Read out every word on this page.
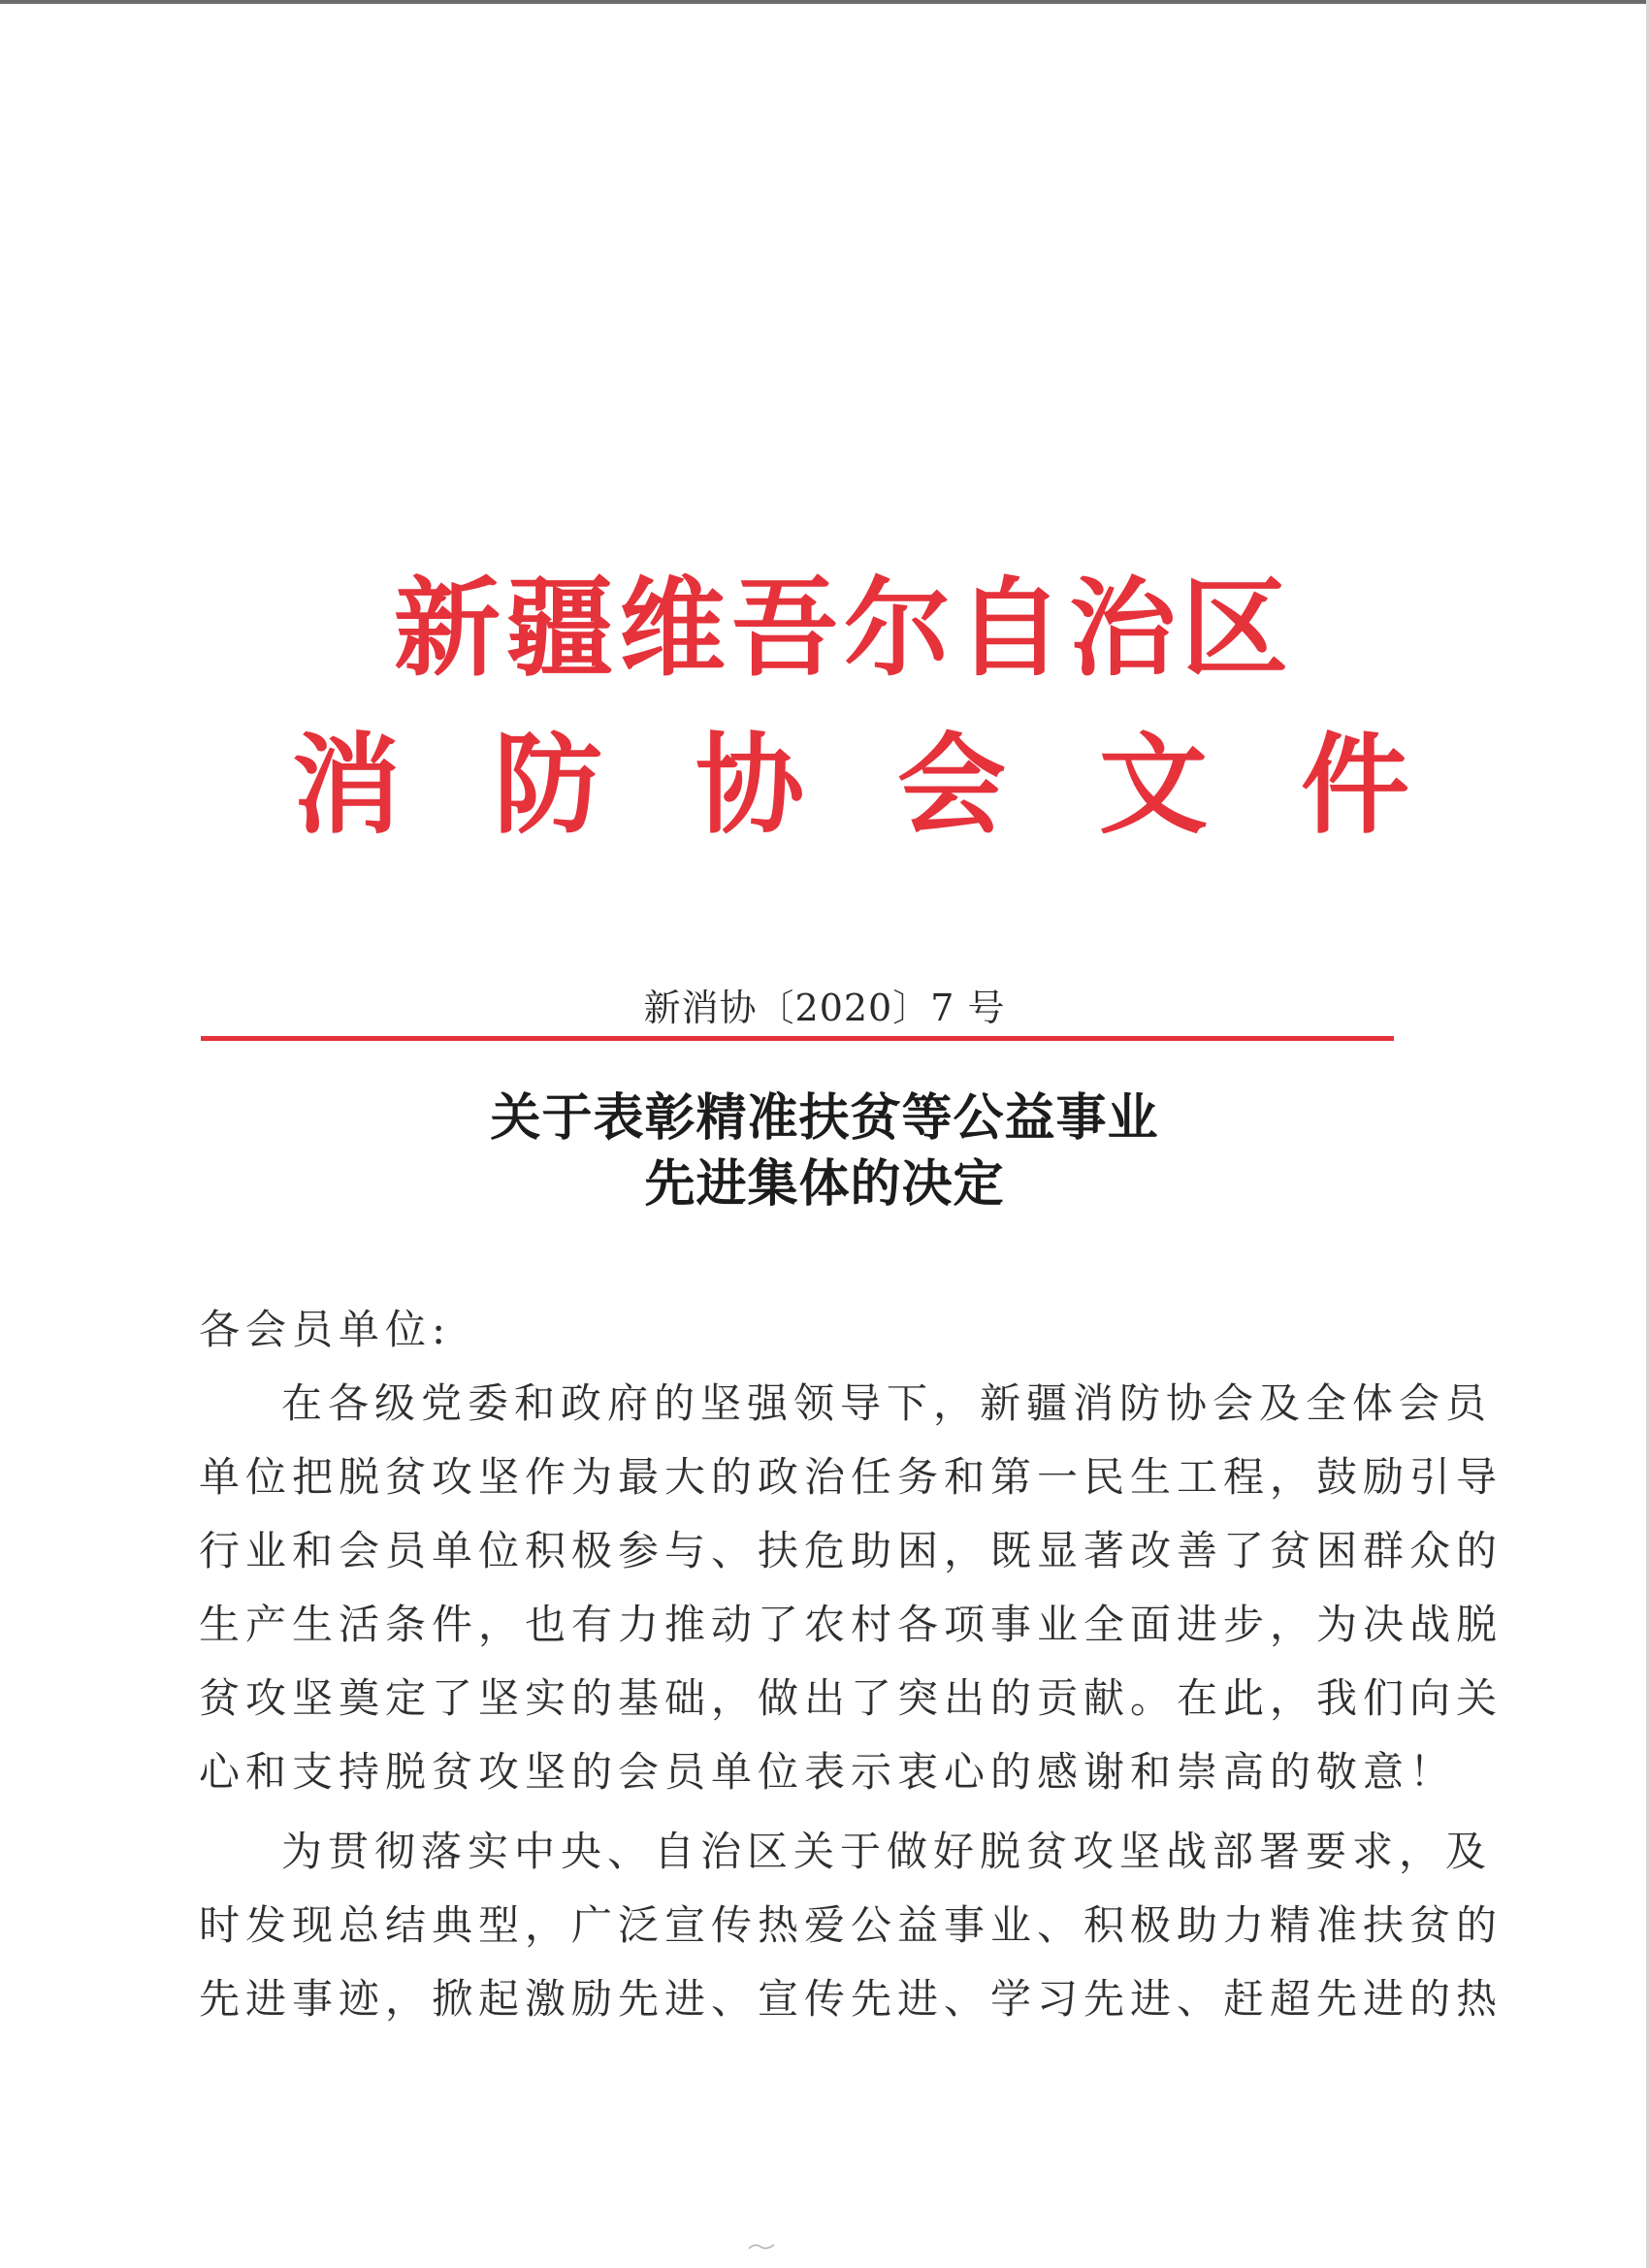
新疆维吾尔自治区
消防协会文件
新消协〔2020〕7 号
关于表彰精准扶贫等公益事业
先进集体的决定
各会员单位:
在各级党委和政府的坚强领导下，新疆消防协会及全体会员
单位把脱贫攻坚作为最大的政治任务和第一民生工程，鼓励引导
行业和会员单位积极参与、扶危助困，既显著改善了贫困群众的
生产生活条件，也有力推动了农村各项事业全面进步，为决战脱
贫攻坚奠定了坚实的基础，做出了突出的贡献。在此，我们向关
心和支持脱贫攻坚的会员单位表示衷心的感谢和崇高的敬意！
为贯彻落实中央、自治区关于做好脱贫攻坚战部署要求，及
时发现总结典型，广泛宣传热爱公益事业、积极助力精准扶贫的
先进事迹，掀起激励先进、宣传先进、学习先进、赶超先进的热
